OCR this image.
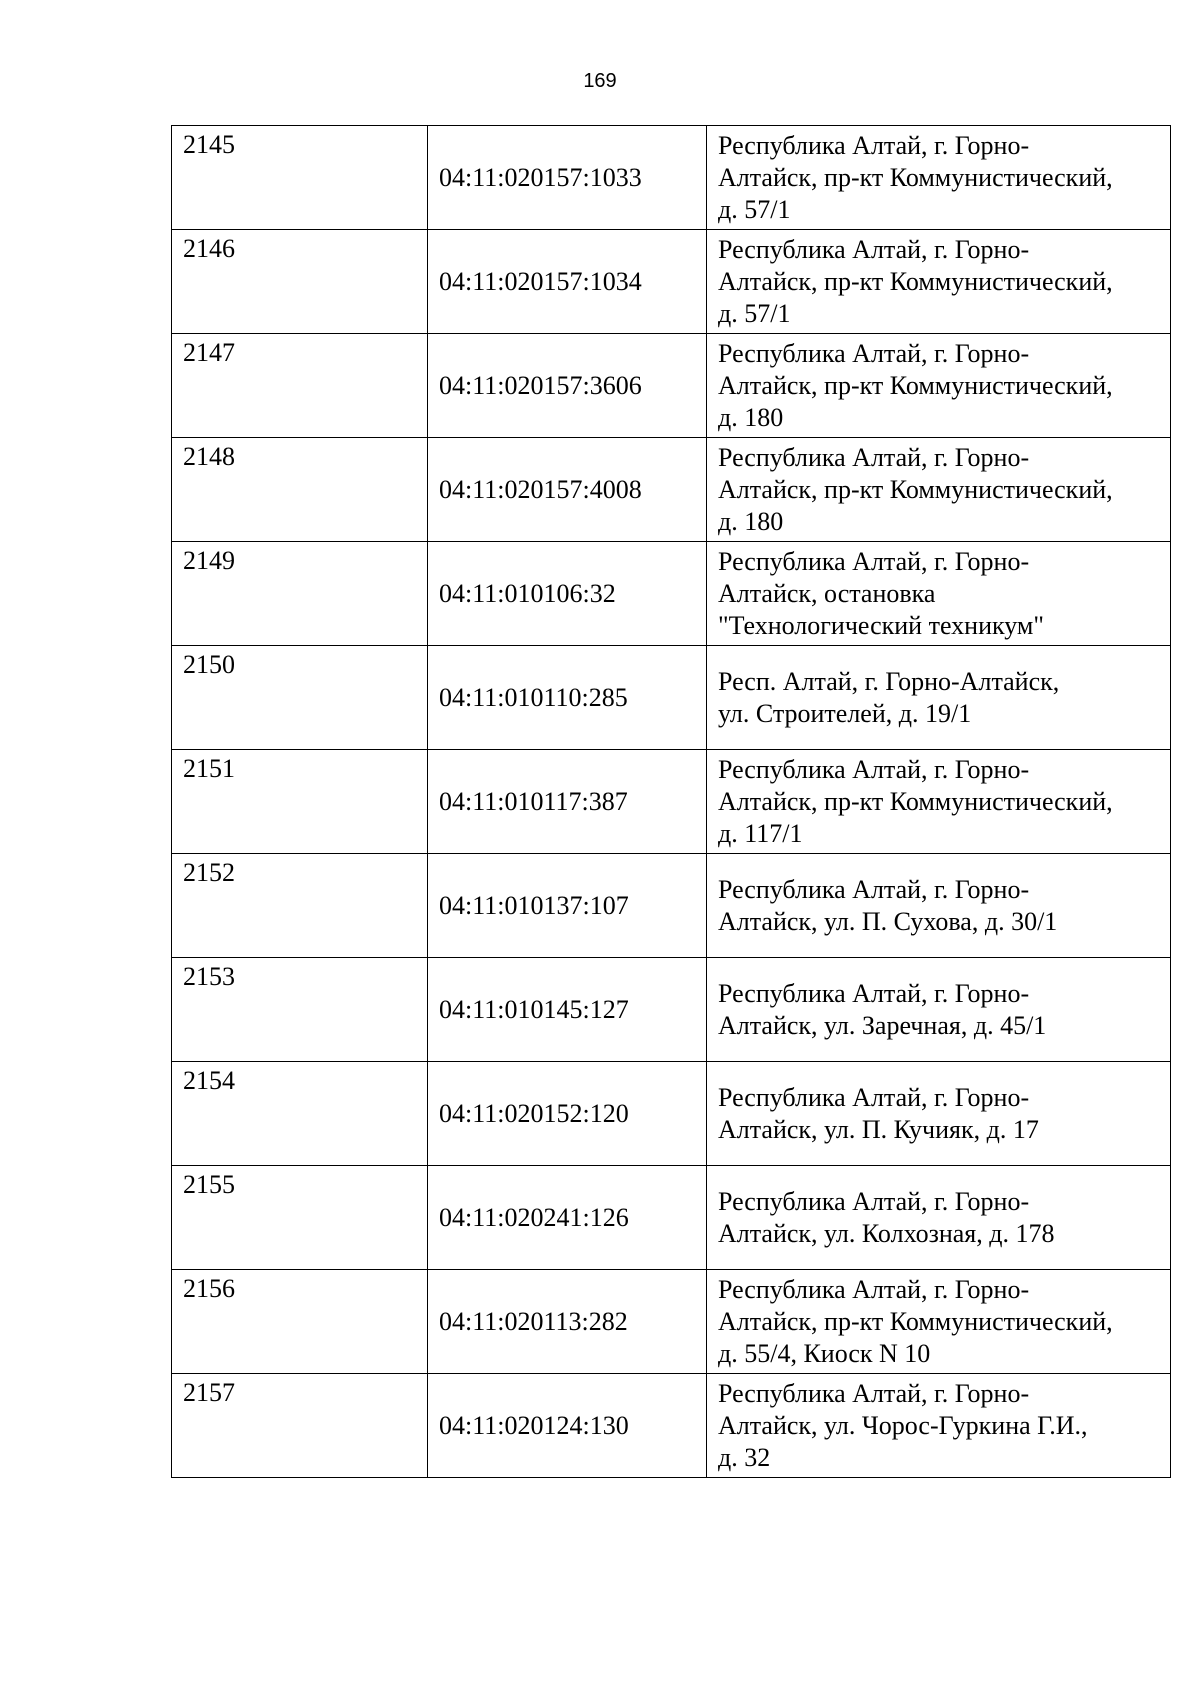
169
2145	04:11:020157:1033	Республика Алтай, г. Горно-
Алтайск, пр-кт Коммунистический,
д. 57/1

2146	04:11:020157:1034	Республика Алтай, г. Горно-
Алтайск, пр-кт Коммунистический,
д. 57/1

2147	04:11:020157:3606	Республика Алтай, г. Горно-
Алтайск, пр-кт Коммунистический,
д. 180

2148	04:11:020157:4008	Республика Алтай, г. Горно-
Алтайск, пр-кт Коммунистический,
д. 180

2149	04:11:010106:32	Республика Алтай, г. Горно-
Алтайск, остановка
"Технологический техникум"

2150	04:11:010110:285	Респ. Алтай, г. Горно-Алтайск,
ул. Строителей, д. 19/1

2151	04:11:010117:387	Республика Алтай, г. Горно-
Алтайск, пр-кт Коммунистический,
д. 117/1

2152	04:11:010137:107	Республика Алтай, г. Горно-
Алтайск, ул. П. Сухова, д. 30/1

2153	04:11:010145:127	Республика Алтай, г. Горно-
Алтайск, ул. Заречная, д. 45/1

2154	04:11:020152:120	Республика Алтай, г. Горно-
Алтайск, ул. П. Кучияк, д. 17

2155	04:11:020241:126	Республика Алтай, г. Горно-
Алтайск, ул. Колхозная, д. 178

2156	04:11:020113:282	Республика Алтай, г. Горно-
Алтайск, пр-кт Коммунистический,
д. 55/4, Киоск N 10

2157	04:11:020124:130	Республика Алтай, г. Горно-
Алтайск, ул. Чорос-Гуркина Г.И.,
д. 32
